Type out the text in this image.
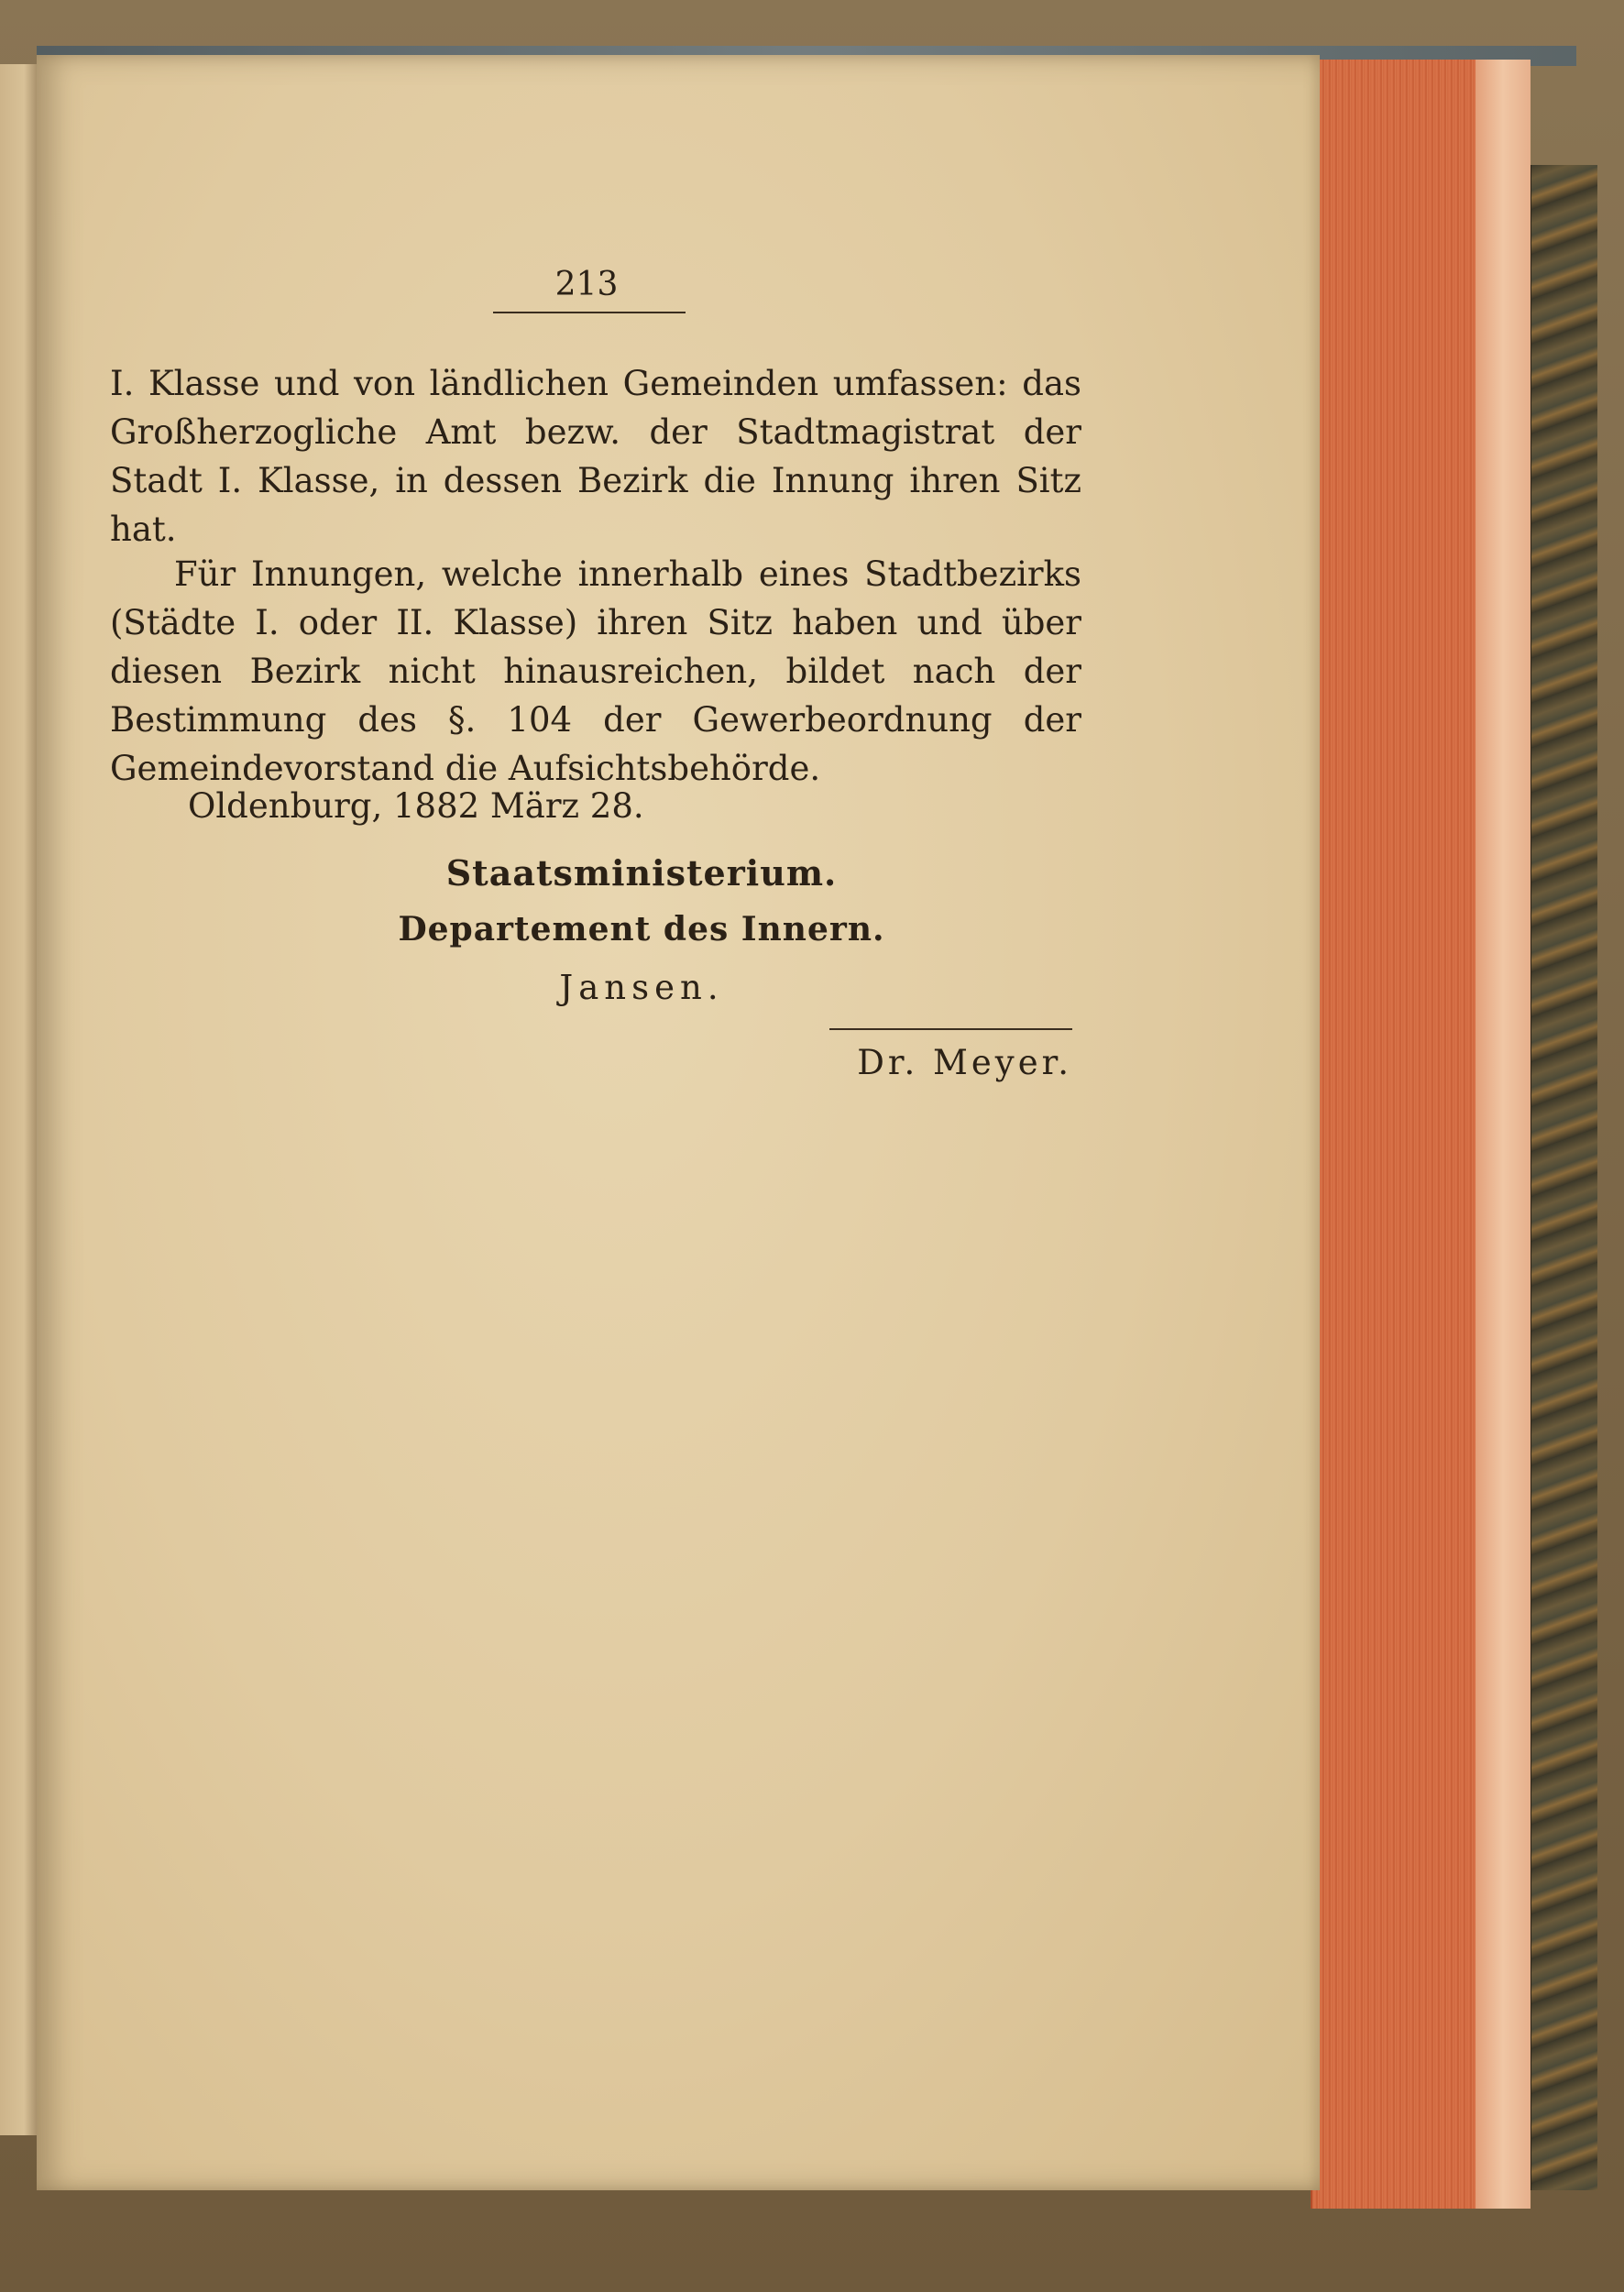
213
I. Klasse und von ländlichen Gemeinden umfassen: das Großherzogliche Amt bezw. der Stadtmagistrat der Stadt I. Klasse, in dessen Bezirk die Innung ihren Sitz hat.
Für Innungen, welche innerhalb eines Stadtbezirks (Städte I. oder II. Klasse) ihren Sitz haben und über diesen Bezirk nicht hinausreichen, bildet nach der Bestimmung des §. 104 der Gewerbeordnung der Gemeindevorstand die Aufsichtsbehörde.
Oldenburg, 1882 März 28.
Staatsministerium.
Departement des Innern.
Jansen.
Dr. Meyer.
